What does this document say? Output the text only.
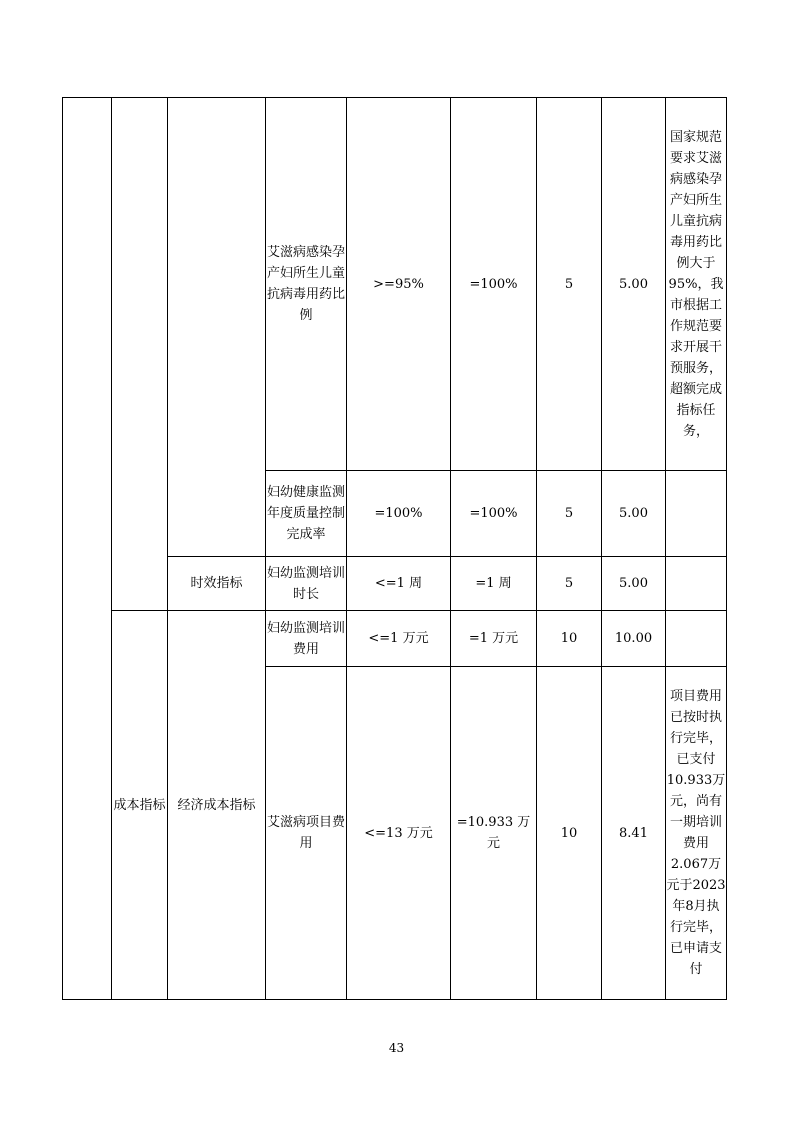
			艾滋病感染孕产妇所生儿童抗病毒用药比例	>=95%	=100%	5	5.00	国家规范要求艾滋病感染孕产妇所生儿童抗病毒用药比例大于95%，我市根据工作规范要求开展干预服务，超额完成指标任务，
			妇幼健康监测年度质量控制完成率	=100%	=100%	5	5.00	
		时效指标	妇幼监测培训时长	<=1 周	=1 周	5	5.00	
	成本指标	经济成本指标	妇幼监测培训费用	<=1 万元	=1 万元	10	10.00	
			艾滋病项目费用	<=13 万元	=10.933 万元	10	8.41	项目费用已按时执行完毕，已支付10.933万元，尚有一期培训费用2.067万元于2023年8月执行完毕，已申请支付
43
